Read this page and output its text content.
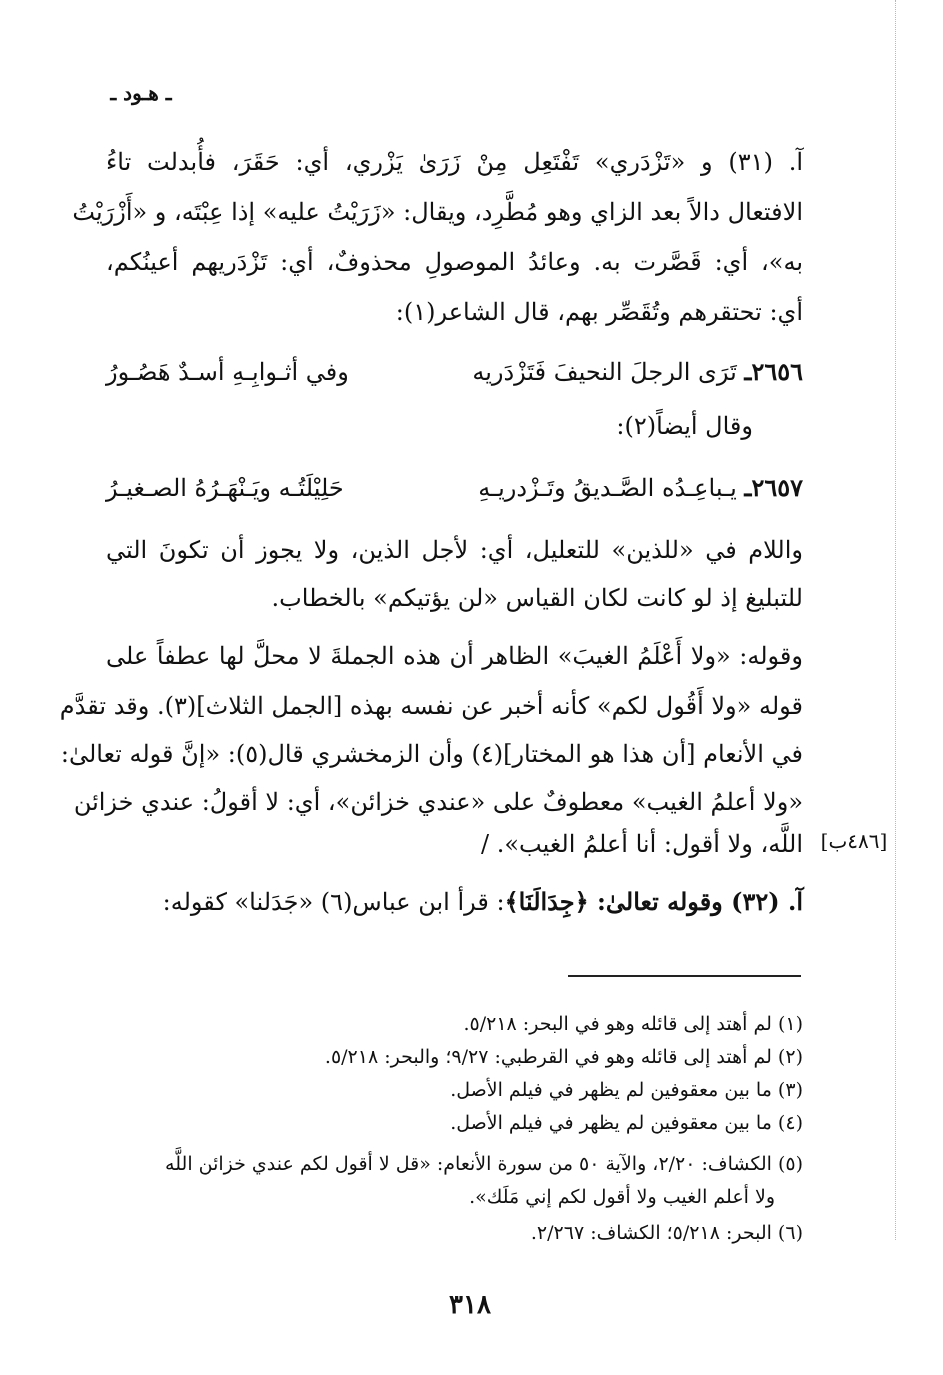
ـ هـود ـ
آ. (٣١) و «تَزْدَري» تَفْتَعِل مِنْ زَرَىٰ يَزْري، أي: حَقَرَ، فأُبدلت تاءُ
الافتعال دالاً بعد الزاي وهو مُطَّرِد، ويقال: «زَرَيْتُ عليه» إذا عِبْتَه، و «أَزْرَيْتُ
به»، أي: قَصَّرت به. وعائدُ الموصولِ محذوفٌ، أي: تَزْدَريهم أعينُكم،
أي: تحتقرهم وتُقَصِّر بهم، قال الشاعر(١):
٢٦٥٦ـ تَرَى الرجلَ النحيفَ فَتَزْدَريه
وفي أثـوابِـهِ أسـدٌ هَصُـورُ
وقال أيضاً(٢):
٢٦٥٧ـ يـباعِـدُه الصَّـديقُ وتَـزْدريـهِ
حَلِيْلَتُـه ويَـنْهَـرُهُ الصـغيـرُ
واللام في «للذين» للتعليل، أي: لأجل الذين، ولا يجوز أن تكونَ التي
للتبليغ إذ لو كانت لكان القياس «لن يؤتيكم» بالخطاب.
وقوله: «ولا أَعْلَمُ الغيبَ» الظاهر أن هذه الجملةَ لا محلَّ لها عطفاً على
قوله «ولا أَقُول لكم» كأنه أخبر عن نفسه بهذه [الجمل الثلاث](٣). وقد تقدَّم
في الأنعام [أن هذا هو المختار](٤) وأن الزمخشري قال(٥): «إنَّ قوله تعالىٰ:
«ولا أعلمُ الغيب» معطوفٌ على «عندي خزائن»، أي: لا أقولُ: عندي خزائن
اللَّه، ولا أقول: أنا أعلمُ الغيب». / [٤٨٦ب]
آ. (٣٢) وقوله تعالىٰ: ﴿جِدَالَنَا﴾: قرأ ابن عباس(٦) «جَدَلنا» كقوله:
(١) لم أهتد إلى قائله وهو في البحر: ٥/٢١٨.
(٢) لم أهتد إلى قائله وهو في القرطبي: ٩/٢٧؛ والبحر: ٥/٢١٨.
(٣) ما بين معقوفين لم يظهر في فيلم الأصل.
(٤) ما بين معقوفين لم يظهر في فيلم الأصل.
(٥) الكشاف: ٢/٢٠، والآية ٥٠ من سورة الأنعام: «قل لا أقول لكم عندي خزائن اللَّه
ولا أعلم الغيب ولا أقول لكم إني مَلَك».
(٦) البحر: ٥/٢١٨؛ الكشاف: ٢/٢٦٧.
٣١٨
